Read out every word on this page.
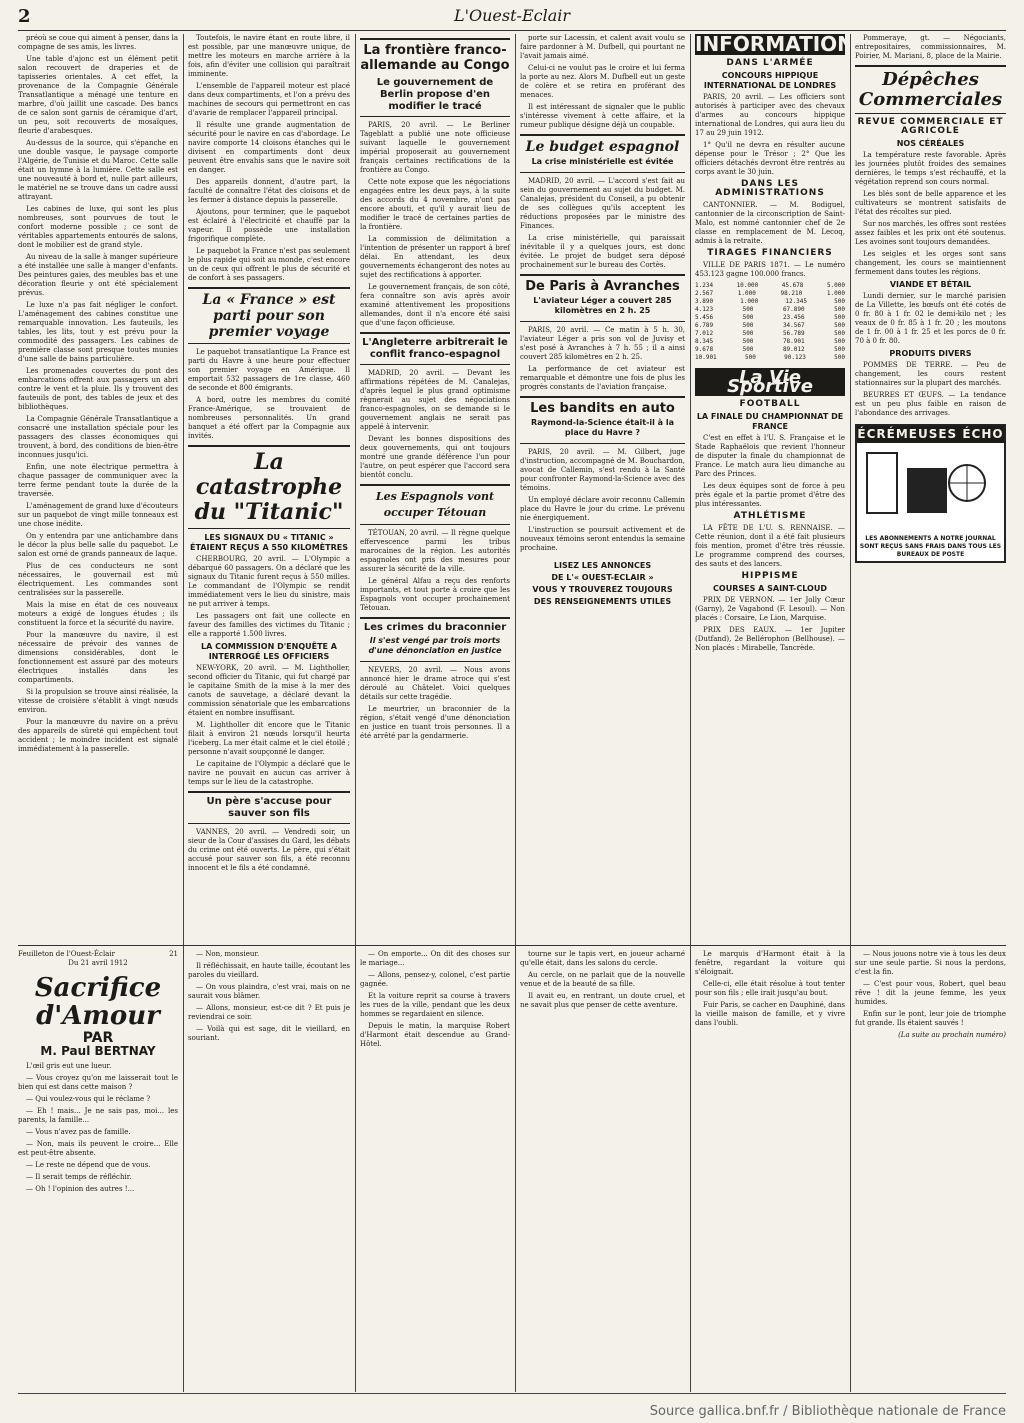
2	L'Ouest-Eclair

préoù se coue qui aiment à penser, dans la compagne de ses amis, les livres.

Une table d'ajonc est un élément petit salon recouvert de draperies et de tapisseries orientales. A cet effet, la provenance de la Compagnie Générale Transatlantique a ménagé une tenture en marbre, d'où jaillit une cascade. Des bancs de ce salon sont garnis de céramique d'art, un peu, soit recouverts de mosaïques, fleurie d'arabesques.

Au-dessus de la source, qui s'épanche en une double vasque, le paysage comporte l'Algérie, de Tunisie et du Maroc. Cette salle était un hymne à la lumière. Cette salle est une nouveauté à bord et, nulle part ailleurs, le matériel ne se trouve dans un cadre aussi attrayant.

Les cabines de luxe, qui sont les plus nombreuses, sont pourvues de tout le confort moderne possible ; ce sont de véritables appartements entourés de salons, dont le mobilier est de grand style.

Au niveau de la salle à manger supérieure a été installée une salle à manger d'enfants. Des peintures gaies, des meubles bas et une décoration fleurie y ont été spécialement prévus.

Le luxe n'a pas fait négliger le confort. L'aménagement des cabines constitue une remarquable innovation. Les fauteuils, les tables, les lits, tout y est prévu pour la commodité des passagers. Les cabines de première classe sont presque toutes munies d'une salle de bains particulière.

Les promenades couvertes du pont des embarcations offrent aux passagers un abri contre le vent et la pluie. Ils y trouvent des fauteuils de pont, des tables de jeux et des bibliothèques.

La Compagnie Générale Transatlantique a consacré une installation spéciale pour les passagers des classes économiques qui trouvent, à bord, des conditions de bien-être inconnues jusqu'ici.

Enfin, une note électrique permettra à chaque passager de communiquer avec la terre ferme pendant toute la durée de la traversée.

L'aménagement de grand luxe d'écouteurs sur un paquebot de vingt mille tonneaux est une chose inédite.

On y entendra par une antichambre dans le décor la plus belle salle du paquebot. Le salon est orné de grands panneaux de laque.

Plus de ces conducteurs ne sont nécessaires, le gouvernail est mû électriquement. Les commandes sont centralisées sur la passerelle.

Mais la mise en état de ces nouveaux moteurs a exigé de longues études ; ils constituent la force et la sécurité du navire.

Pour la manœuvre du navire, il est nécessaire de prévoir des vannes de dimensions considérables, dont le fonctionnement est assuré par des moteurs électriques installés dans les compartiments.

Si la propulsion se trouve ainsi réalisée, la vitesse de croisière s'établit à vingt nœuds environ.

Pour la manœuvre du navire on a prévu des appareils de sûreté qui empêchent tout accident ; le moindre incident est signalé immédiatement à la passerelle.

Toutefois, le navire étant en route libre, il est possible, par une manœuvre unique, de mettre les moteurs en marche arrière à la fois, afin d'éviter une collision qui paraîtrait imminente.

L'ensemble de l'appareil moteur est placé dans deux compartiments, et l'on a prévu des machines de secours qui permettront en cas d'avarie de remplacer l'appareil principal.

Il résulte une grande augmentation de sécurité pour le navire en cas d'abordage. Le navire comporte 14 cloisons étanches qui le divisent en compartiments dont deux peuvent être envahis sans que le navire soit en danger.

Des appareils donnent, d'autre part, la faculté de connaître l'état des cloisons et de les fermer à distance depuis la passerelle.

Ajoutons, pour terminer, que le paquebot est éclairé à l'électricité et chauffé par la vapeur. Il possède une installation frigorifique complète.

Le paquebot la France n'est pas seulement le plus rapide qui soit au monde, c'est encore un de ceux qui offrent le plus de sécurité et de confort à ses passagers.

La « France » est parti pour son premier voyage

Le paquebot transatlantique La France est parti du Havre à une heure pour effectuer son premier voyage en Amérique. Il emportait 532 passagers de 1re classe, 460 de seconde et 800 émigrants.

A bord, outre les membres du comité France-Amérique, se trouvaient de nombreuses personnalités. Un grand banquet a été offert par la Compagnie aux invités.

La catastrophe du "Titanic"
LES SIGNAUX DU « TITANIC » ÉTAIENT REÇUS A 550 KILOMÈTRES

CHERBOURG, 20 avril. — L'Olympic a débarqué 60 passagers. On a déclaré que les signaux du Titanic furent reçus à 550 milles. Le commandant de l'Olympic se rendit immédiatement vers le lieu du sinistre, mais ne put arriver à temps.

Les passagers ont fait une collecte en faveur des familles des victimes du Titanic ; elle a rapporté 1.500 livres.

LA COMMISSION D'ENQUÊTE A INTERROGÉ LES OFFICIERS

NEW-YORK, 20 avril. — M. Lightholler, second officier du Titanic, qui fut chargé par le capitaine Smith de la mise à la mer des canots de sauvetage, a déclaré devant la commission sénatoriale que les embarcations étaient en nombre insuffisant.

M. Lightholler dit encore que le Titanic filait à environ 21 nœuds lorsqu'il heurta l'iceberg. La mer était calme et le ciel étoilé ; personne n'avait soupçonné le danger.

Le capitaine de l'Olympic a déclaré que le navire ne pouvait en aucun cas arriver à temps sur le lieu de la catastrophe.

Un père s'accuse pour sauver son fils

VANNES, 20 avril. — Vendredi soir, un sieur de la Cour d'assises du Gard, les débats du crime ont été ouverts. Le père, qui s'était accusé pour sauver son fils, a été reconnu innocent et le fils a été condamné.

La frontière franco-allemande au Congo
Le gouvernement de Berlin propose d'en modifier le tracé

PARIS, 20 avril. — Le Berliner Tageblatt a publié une note officieuse suivant laquelle le gouvernement impérial proposerait au gouvernement français certaines rectifications de la frontière au Congo.

Cette note expose que les négociations engagées entre les deux pays, à la suite des accords du 4 novembre, n'ont pas encore abouti, et qu'il y aurait lieu de modifier le tracé de certaines parties de la frontière.

La commission de délimitation a l'intention de présenter un rapport à bref délai. En attendant, les deux gouvernements échangeront des notes au sujet des rectifications à apporter.

Le gouvernement français, de son côté, fera connaître son avis après avoir examiné attentivement les propositions allemandes, dont il n'a encore été saisi que d'une façon officieuse.

L'Angleterre arbitrerait le conflit franco-espagnol

MADRID, 20 avril. — Devant les affirmations répétées de M. Canalejas, d'après lequel le plus grand optimisme règnerait au sujet des négociations franco-espagnoles, on se demande si le gouvernement anglais ne serait pas appelé à intervenir.

Devant les bonnes dispositions des deux gouvernements, qui ont toujours montré une grande déférence l'un pour l'autre, on peut espérer que l'accord sera bientôt conclu.

Les Espagnols vont occuper Tétouan

TÉTOUAN, 20 avril. — Il règne quelque effervescence parmi les tribus marocaines de la région. Les autorités espagnoles ont pris des mesures pour assurer la sécurité de la ville.

Le général Alfau a reçu des renforts importants, et tout porte à croire que les Espagnols vont occuper prochainement Tétouan.

Les crimes du braconnier
Il s'est vengé par trois morts d'une dénonciation en justice

NEVERS, 20 avril. — Nous avons annoncé hier le drame atroce qui s'est déroulé au Châtelet. Voici quelques détails sur cette tragédie.

Le meurtrier, un braconnier de la région, s'était vengé d'une dénonciation en justice en tuant trois personnes. Il a été arrêté par la gendarmerie.

porte sur Lacessin, et calent avait voulu se faire pardonner à M. Dufbell, qui pourtant ne l'avait jamais aimé.

Celui-ci ne voulut pas le croire et lui ferma la porte au nez. Alors M. Dufbell eut un geste de colère et se retira en proférant des menaces.

Il est intéressant de signaler que le public s'intéresse vivement à cette affaire, et la rumeur publique désigne déjà un coupable.

Le budget espagnol
La crise ministérielle est évitée

MADRID, 20 avril. — L'accord s'est fait au sein du gouvernement au sujet du budget. M. Canalejas, président du Conseil, a pu obtenir de ses collègues qu'ils acceptent les réductions proposées par le ministre des Finances.

La crise ministérielle, qui paraissait inévitable il y a quelques jours, est donc évitée. Le projet de budget sera déposé prochainement sur le bureau des Cortès.

De Paris à Avranches
L'aviateur Léger a couvert 285 kilomètres en 2 h. 25

PARIS, 20 avril. — Ce matin à 5 h. 30, l'aviateur Léger a pris son vol de Juvisy et s'est posé à Avranches à 7 h. 55 ; il a ainsi couvert 285 kilomètres en 2 h. 25.

La performance de cet aviateur est remarquable et démontre une fois de plus les progrès constants de l'aviation française.

Les bandits en auto
Raymond-la-Science était-il à la place du Havre ?

PARIS, 20 avril. — M. Gilbert, juge d'instruction, accompagné de M. Bouchardon, avocat de Callemin, s'est rendu à la Santé pour confronter Raymond-la-Science avec des témoins.

Un employé déclare avoir reconnu Callemin place du Havre le jour du crime. Le prévenu nie énergiquement.

L'instruction se poursuit activement et de nouveaux témoins seront entendus la semaine prochaine.

LISEZ LES ANNONCES
DE L'« OUEST-ECLAIR »
VOUS Y TROUVEREZ TOUJOURS
DES RENSEIGNEMENTS UTILES
INFORMATIONS
DANS L'ARMÉE
CONCOURS HIPPIQUE INTERNATIONAL DE LONDRES

PARIS, 20 avril. — Les officiers sont autorisés à participer avec des chevaux d'armes au concours hippique international de Londres, qui aura lieu du 17 au 29 juin 1912.

1° Qu'il ne devra en résulter aucune dépense pour le Trésor ; 2° Que les officiers détachés devront être rentrés au corps avant le 30 juin.

DANS LES ADMINISTRATIONS

CANTONNIER. — M. Bodiguel, cantonnier de la circonscription de Saint-Malo, est nommé cantonnier chef de 2e classe en remplacement de M. Lecoq, admis à la retraite.

TIRAGES FINANCIERS

VILLE DE PARIS 1871. — Le numéro 453.123 gagne 100.000 francs.

1.234	10.000	45.678	5.000
2.567	1.000	98.210	1.000
3.890	1.000	12.345	500
4.123	500	67.890	500
5.456	500	23.456	500
6.789	500	34.567	500
7.012	500	56.789	500
8.345	500	78.901	500
9.678	500	89.012	500
10.901	500	90.123	500
La Vie Sportive
FOOTBALL
LA FINALE DU CHAMPIONNAT DE FRANCE

C'est en effet à l'U. S. Française et le Stade Raphaëlois que revient l'honneur de disputer la finale du championnat de France. Le match aura lieu dimanche au Parc des Princes.

Les deux équipes sont de force à peu près égale et la partie promet d'être des plus intéressantes.

ATHLÉTISME

LA FÊTE DE L'U. S. RENNAISE. — Cette réunion, dont il a été fait plusieurs fois mention, promet d'être très réussie. Le programme comprend des courses, des sauts et des lancers.

HIPPISME
COURSES A SAINT-CLOUD

PRIX DE VERNON. — 1er Jolly Cœur (Garny), 2e Vagabond (F. Lesoul). — Non placés : Corsaire, Le Lion, Marquise.

PRIX DES EAUX. — 1er Jupiter (Dutfand), 2e Bellérophon (Bellhouse). — Non placés : Mirabelle, Tancrède.

Pommeraye, gt. — Négociants, entrepositaires, commissionnaires, M. Poirier, M. Mariani, 8, place de la Mairie.

Dépêches Commerciales
REVUE COMMERCIALE ET AGRICOLE
NOS CÉRÉALES

La température reste favorable. Après les journées plutôt froides des semaines dernières, le temps s'est réchauffé, et la végétation reprend son cours normal.

Les blés sont de belle apparence et les cultivateurs se montrent satisfaits de l'état des récoltes sur pied.

Sur nos marchés, les offres sont restées assez faibles et les prix ont été soutenus. Les avoines sont toujours demandées.

Les seigles et les orges sont sans changement, les cours se maintiennent fermement dans toutes les régions.

VIANDE ET BÉTAIL

Lundi dernier, sur le marché parisien de La Villette, les bœufs ont été cotés de 0 fr. 80 à 1 fr. 02 le demi-kilo net ; les veaux de 0 fr. 85 à 1 fr. 20 ; les moutons de 1 fr. 00 à 1 fr. 25 et les porcs de 0 fr. 70 à 0 fr. 80.

PRODUITS DIVERS

POMMES DE TERRE. — Peu de changement, les cours restent stationnaires sur la plupart des marchés.

BEURRES ET ŒUFS. — La tendance est un peu plus faible en raison de l'abondance des arrivages.

ÉCRÉMEUSES ÉCHO
LES ABONNEMENTS A NOTRE JOURNAL SONT REÇUS SANS FRAIS DANS TOUS LES BUREAUX DE POSTE
Feuilleton de l'Ouest-Éclair	21
Du 21 avril 1912
Sacrifice d'Amour
PAR
M. Paul BERTNAY

L'œil gris eut une lueur.

— Vous croyez qu'on me laisserait tout le bien qui est dans cette maison ?

— Qui voulez-vous qui le réclame ?

— Eh ! mais... Je ne sais pas, moi... les parents, la famille...

— Vous n'avez pas de famille.

— Non, mais ils peuvent le croire... Elle est peut-être absente.

— Le reste ne dépend que de vous.

— Il serait temps de réfléchir.

— Oh ! l'opinion des autres !...

— Non, monsieur.

Il réfléchissait, en haute taille, écoutant les paroles du vieillard.

— On vous plaindra, c'est vrai, mais on ne saurait vous blâmer.

— Allons, monsieur, est-ce dit ? Et puis je reviendrai ce soir.

— Voilà qui est sage, dit le vieillard, en souriant.

— On emporte... On dit des choses sur le mariage...

— Allons, pensez-y, colonel, c'est partie gagnée.

Et la voiture reprit sa course à travers les rues de la ville, pendant que les deux hommes se regardaient en silence.

Depuis le matin, la marquise Robert d'Harmont était descendue au Grand-Hôtel.

tourne sur le tapis vert, en joueur acharné qu'elle était, dans les salons du cercle.

Au cercle, on ne parlait que de la nouvelle venue et de la beauté de sa fille.

Il avait eu, en rentrant, un doute cruel, et ne savait plus que penser de cette aventure.

Le marquis d'Harmont était à la fenêtre, regardant la voiture qui s'éloignait.

Celle-ci, elle était résolue à tout tenter pour son fils ; elle irait jusqu'au bout.

Fuir Paris, se cacher en Dauphiné, dans la vieille maison de famille, et y vivre dans l'oubli.

— Nous jouons notre vie à tous les deux sur une seule partie. Si nous la perdons, c'est la fin.

— C'est pour vous, Robert, quel beau rêve ! dit la jeune femme, les yeux humides.

Enfin sur le pont, leur joie de triomphe fut grande. Ils étaient sauvés !

(La suite au prochain numéro)
Source gallica.bnf.fr / Bibliothèque nationale de France
